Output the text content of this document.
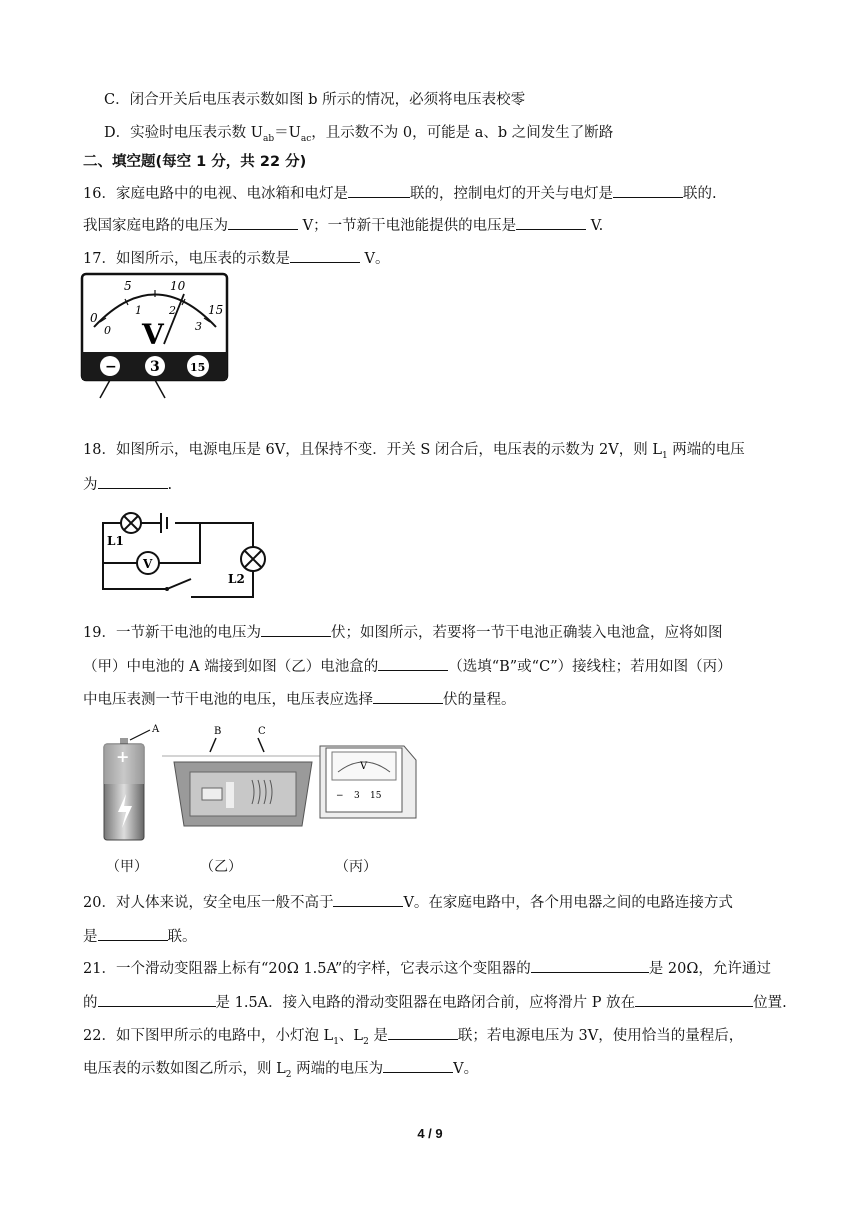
C．闭合开关后电压表示数如图 b 所示的情况，必须将电压表校零
D．实验时电压表示数 $U_{ab}=U_{ac}$，且示数不为 0，可能是 a、b 之间发生了断路
二、填空题(每空 1 分，共 22 分)
16．家庭电路中的电视、电冰箱和电灯是	联的，控制电灯的开关与电灯是	联的.
我国家庭电路的电压为	V；一节新干电池能提供的电压是	V.
17．如图所示，电压表的示数是	V。
0
5	10
15
0
1 2
3
V
− 3	15
18．如图所示，电源电压是 6V，且保持不变．开关 S 闭合后，电压表的示数为 2V，则 $L_1$ 两端的电压
为	.
V
L1
L2
19．一节新干电池的电压为	伏；如图所示，若要将一节干电池正确装入电池盒，应将如图
（甲）中电池的 A 端接到如图（乙）电池盒的	（选填“B”或“C”）接线柱；若用如图（丙）
中电压表测一节干电池的电压，电压表应选择	伏的量程。
+
A	B	C
V
− 3 15
（甲）	（乙）	（丙）
20．对人体来说，安全电压一般不高于	V。在家庭电路中，各个用电器之间的电路连接方式
是	联。
21．一个滑动变阻器上标有“20Ω 1.5A”的字样，它表示这个变阻器的	是 20Ω，允许通过
的	是 1.5A．接入电路的滑动变阻器在电路闭合前，应将滑片 P 放在	位置.
22．如下图甲所示的电路中，小灯泡 $L_1$、$L_2$ 是	联；若电源电压为 3V，使用恰当的量程后，
电压表的示数如图乙所示，则 $L_2$ 两端的电压为	V。
4 / 9
